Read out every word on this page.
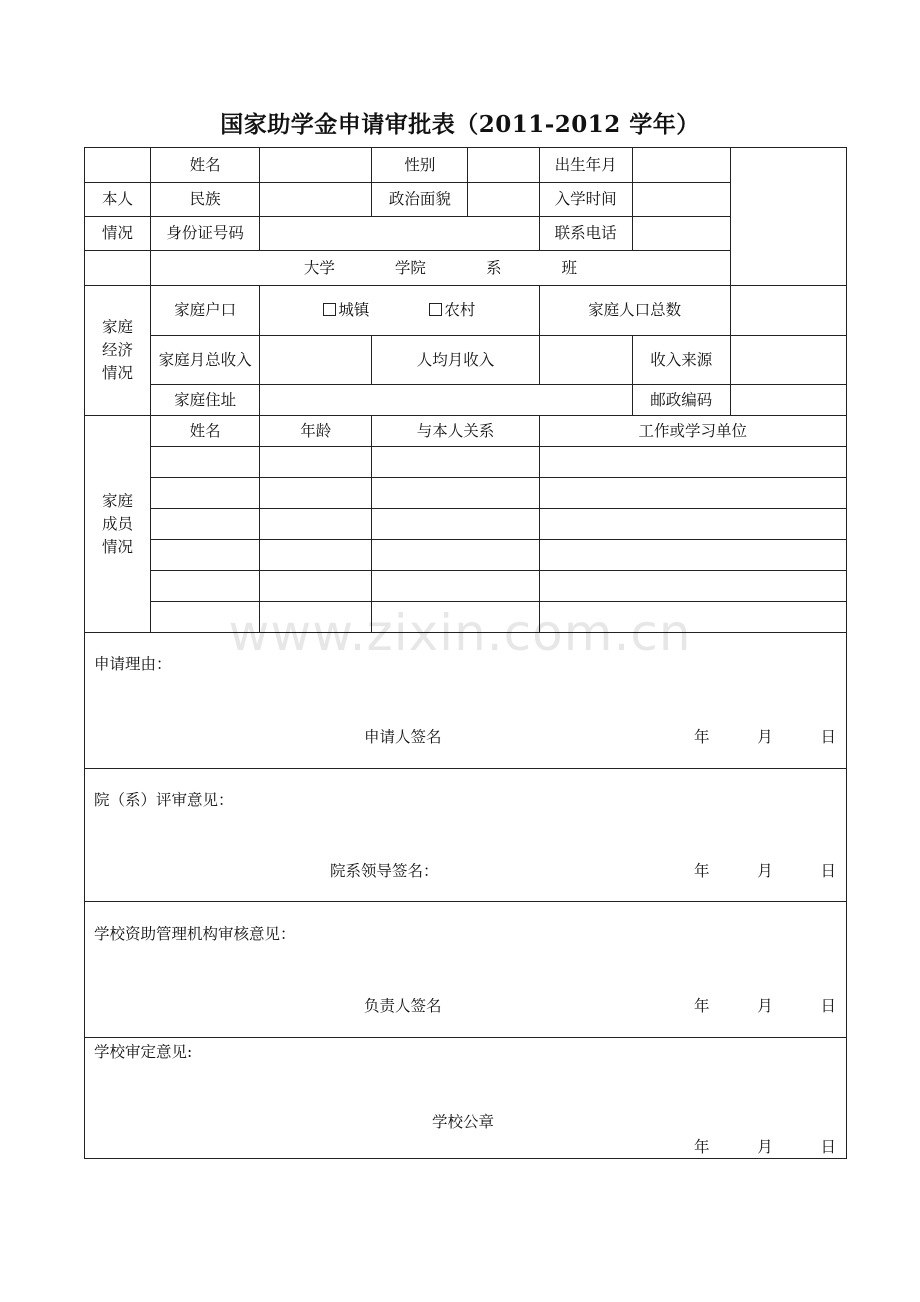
国家助学金申请审批表（2011-2012 学年）
	姓名		性别		出生年月		
本人	民族		政治面貌		入学时间		
情况	身份证号码				联系电话		
	大学 学院 系 班						

家庭
经济
情况	家庭户口	城镇 农村			家庭人口总数		
	家庭月总收入		人均月收入			收入来源	
	家庭住址					邮政编码	

家庭
成员
情况	姓名	年龄	与本人关系		工作或学习单位		

申请理由：
申请人签名 年 月 日							

院（系）评审意见：
院系领导签名： 年 月 日							

学校资助管理机构审核意见：
负责人签名 年 月 日							

学校审定意见:
学校公章
年 月 日							
www.zixin.com.cn
